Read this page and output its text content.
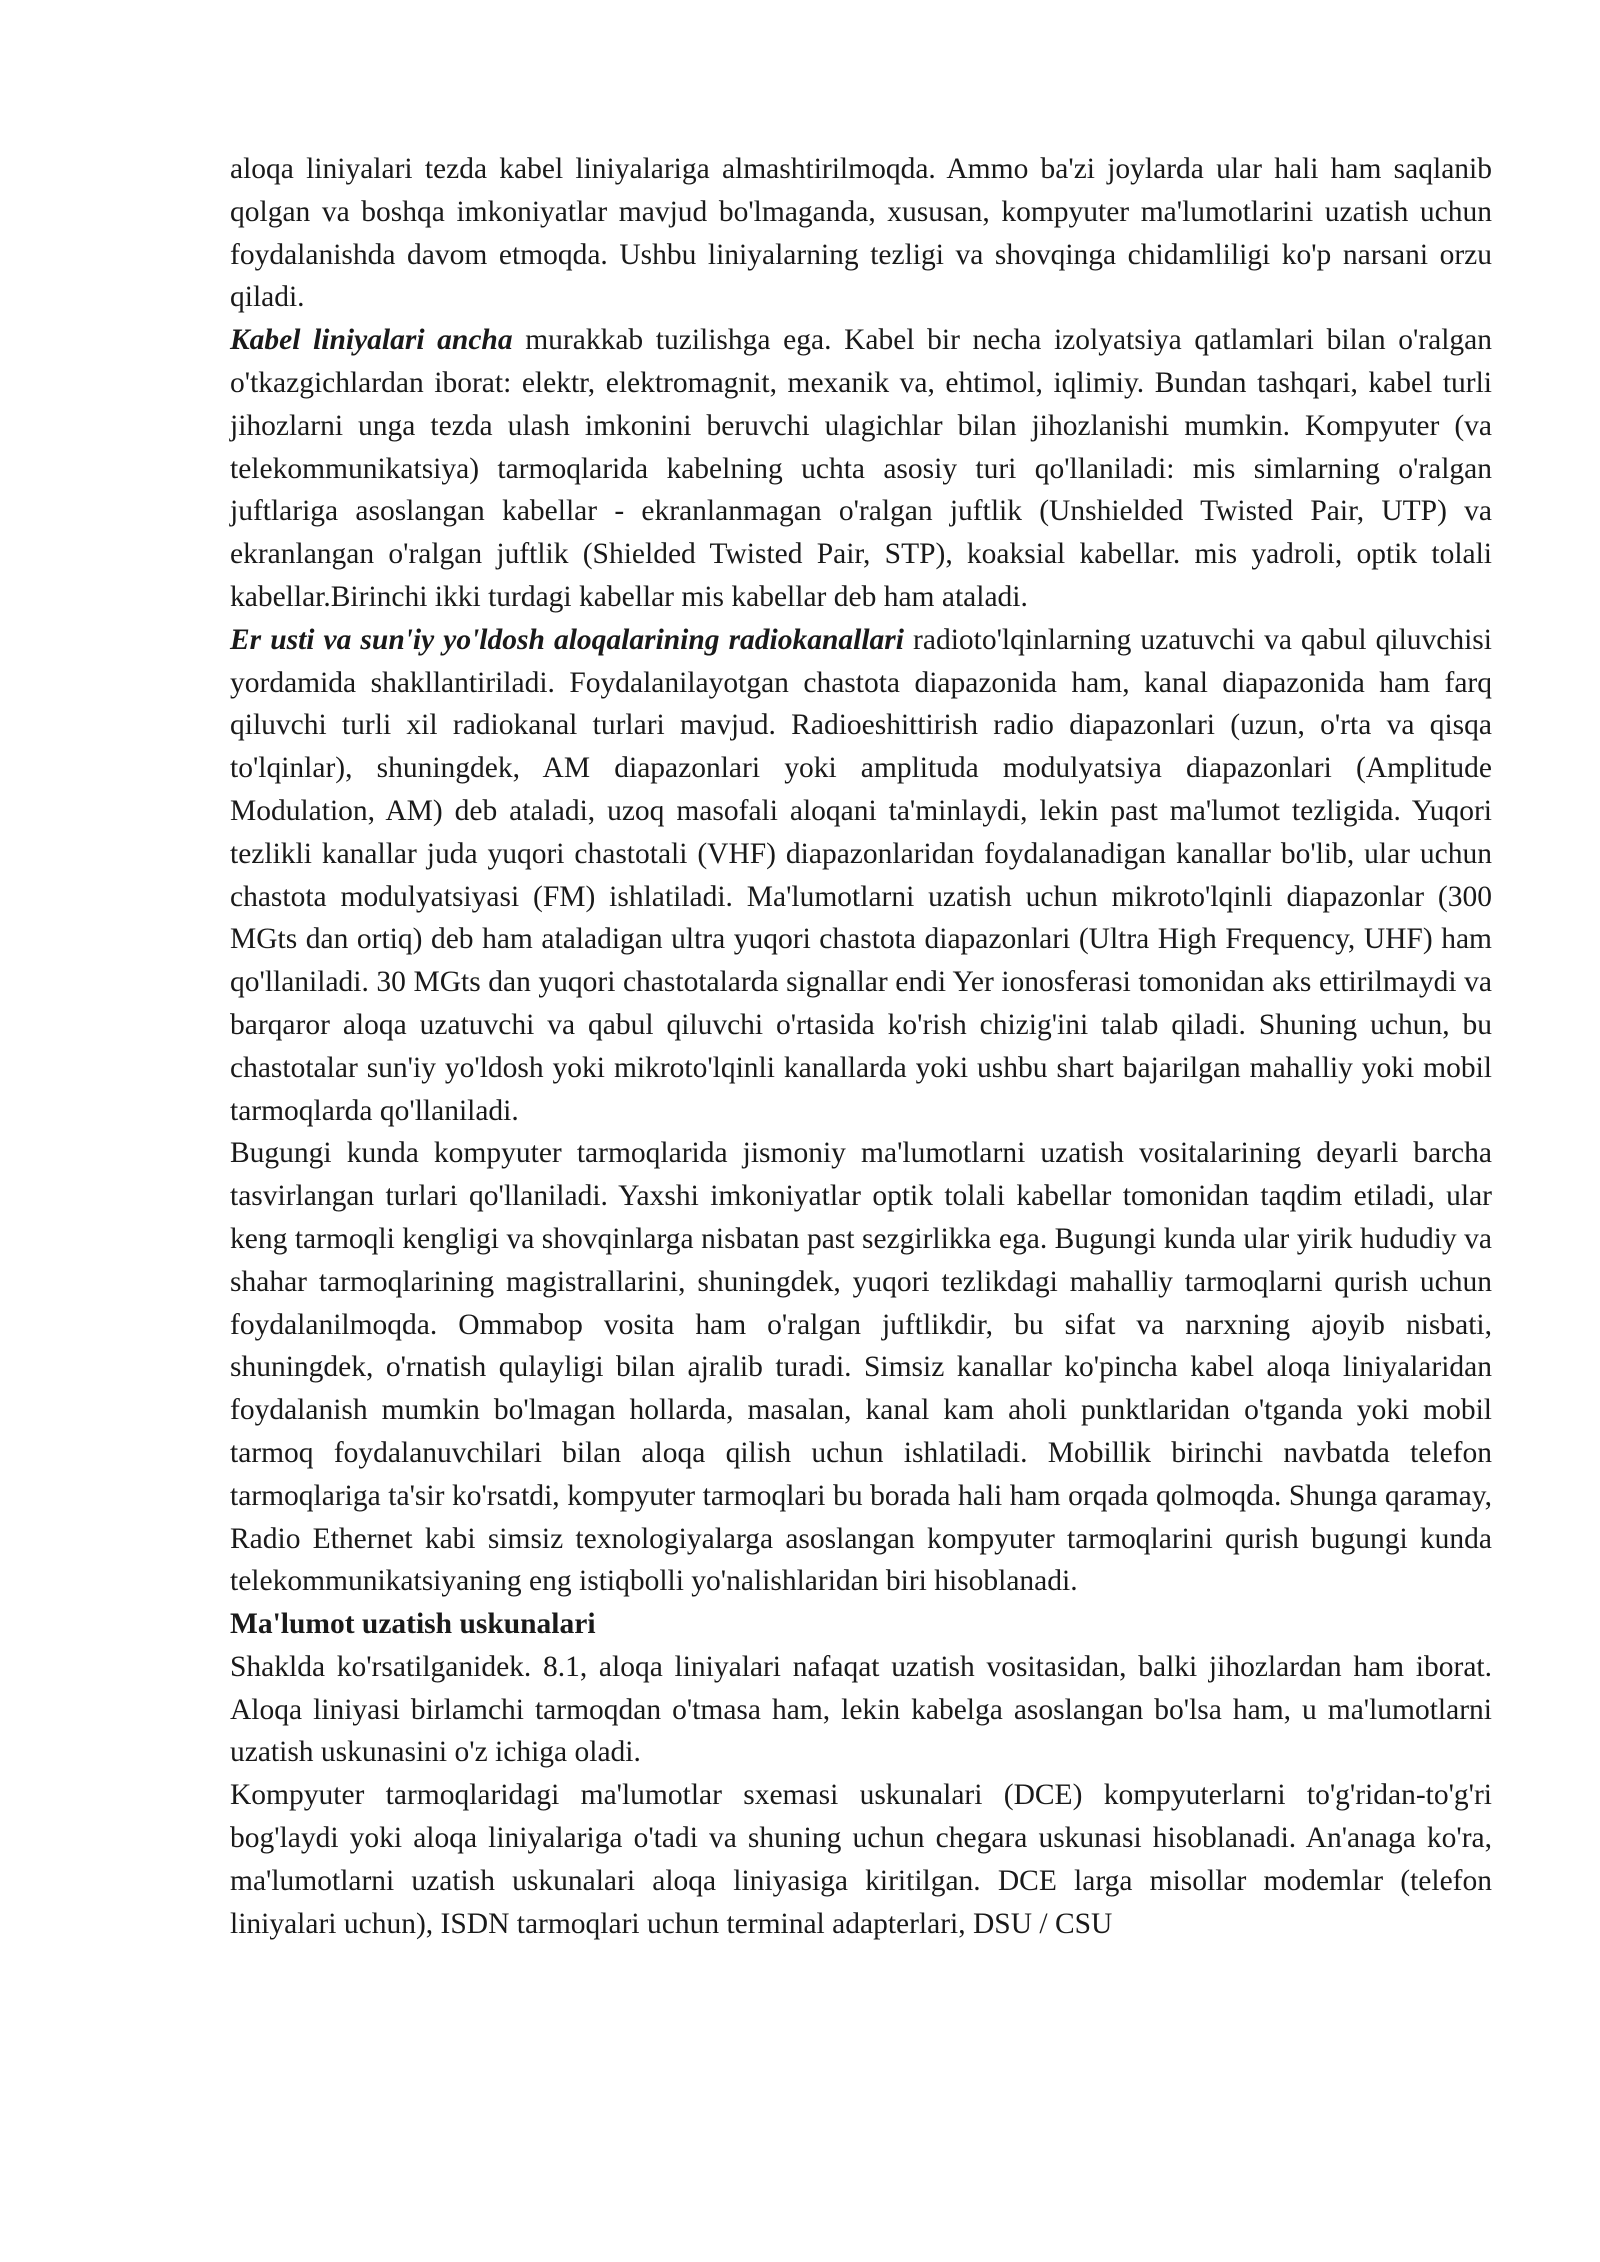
aloqa liniyalari tezda kabel liniyalariga almashtirilmoqda. Ammo ba'zi joylarda ular hali ham saqlanib qolgan va boshqa imkoniyatlar mavjud bo'lmaganda, xususan, kompyuter ma'lumotlarini uzatish uchun foydalanishda davom etmoqda. Ushbu liniyalarning tezligi va shovqinga chidamliligi ko'p narsani orzu qiladi.

Kabel liniyalari ancha murakkab tuzilishga ega. Kabel bir necha izolyatsiya qatlamlari bilan o'ralgan o'tkazgichlardan iborat: elektr, elektromagnit, mexanik va, ehtimol, iqlimiy. Bundan tashqari, kabel turli jihozlarni unga tezda ulash imkonini beruvchi ulagichlar bilan jihozlanishi mumkin. Kompyuter (va telekommunikatsiya) tarmoqlarida kabelning uchta asosiy turi qo'llaniladi: mis simlarning o'ralgan juftlariga asoslangan kabellar - ekranlanmagan o'ralgan juftlik (Unshielded Twisted Pair, UTP) va ekranlangan o'ralgan juftlik (Shielded Twisted Pair, STP), koaksial kabellar. mis yadroli, optik tolali kabellar.Birinchi ikki turdagi kabellar mis kabellar deb ham ataladi.

Er usti va sun'iy yo'ldosh aloqalarining radiokanallari radioto'lqinlarning uzatuvchi va qabul qiluvchisi yordamida shakllantiriladi. Foydalanilayotgan chastota diapazonida ham, kanal diapazonida ham farq qiluvchi turli xil radiokanal turlari mavjud. Radioeshittirish radio diapazonlari (uzun, o'rta va qisqa to'lqinlar), shuningdek, AM diapazonlari yoki amplituda modulyatsiya diapazonlari (Amplitude Modulation, AM) deb ataladi, uzoq masofali aloqani ta'minlaydi, lekin past ma'lumot tezligida. Yuqori tezlikli kanallar juda yuqori chastotali (VHF) diapazonlaridan foydalanadigan kanallar bo'lib, ular uchun chastota modulyatsiyasi (FM) ishlatiladi. Ma'lumotlarni uzatish uchun mikroto'lqinli diapazonlar (300 MGts dan ortiq) deb ham ataladigan ultra yuqori chastota diapazonlari (Ultra High Frequency, UHF) ham qo'llaniladi. 30 MGts dan yuqori chastotalarda signallar endi Yer ionosferasi tomonidan aks ettirilmaydi va barqaror aloqa uzatuvchi va qabul qiluvchi o'rtasida ko'rish chizig'ini talab qiladi. Shuning uchun, bu chastotalar sun'iy yo'ldosh yoki mikroto'lqinli kanallarda yoki ushbu shart bajarilgan mahalliy yoki mobil tarmoqlarda qo'llaniladi.

Bugungi kunda kompyuter tarmoqlarida jismoniy ma'lumotlarni uzatish vositalarining deyarli barcha tasvirlangan turlari qo'llaniladi. Yaxshi imkoniyatlar optik tolali kabellar tomonidan taqdim etiladi, ular keng tarmoqli kengligi va shovqinlarga nisbatan past sezgirlikka ega. Bugungi kunda ular yirik hududiy va shahar tarmoqlarining magistrallarini, shuningdek, yuqori tezlikdagi mahalliy tarmoqlarni qurish uchun foydalanilmoqda. Ommabop vosita ham o'ralgan juftlikdir, bu sifat va narxning ajoyib nisbati, shuningdek, o'rnatish qulayligi bilan ajralib turadi. Simsiz kanallar ko'pincha kabel aloqa liniyalaridan foydalanish mumkin bo'lmagan hollarda, masalan, kanal kam aholi punktlaridan o'tganda yoki mobil tarmoq foydalanuvchilari bilan aloqa qilish uchun ishlatiladi. Mobillik birinchi navbatda telefon tarmoqlariga ta'sir ko'rsatdi, kompyuter tarmoqlari bu borada hali ham orqada qolmoqda. Shunga qaramay, Radio Ethernet kabi simsiz texnologiyalarga asoslangan kompyuter tarmoqlarini qurish bugungi kunda telekommunikatsiyaning eng istiqbolli yo'nalishlaridan biri hisoblanadi.

Ma'lumot uzatish uskunalari

Shaklda ko'rsatilganidek. 8.1, aloqa liniyalari nafaqat uzatish vositasidan, balki jihozlardan ham iborat. Aloqa liniyasi birlamchi tarmoqdan o'tmasa ham, lekin kabelga asoslangan bo'lsa ham, u ma'lumotlarni uzatish uskunasini o'z ichiga oladi.

Kompyuter tarmoqlaridagi ma'lumotlar sxemasi uskunalari (DCE) kompyuterlarni to'g'ridan-to'g'ri bog'laydi yoki aloqa liniyalariga o'tadi va shuning uchun chegara uskunasi hisoblanadi. An'anaga ko'ra, ma'lumotlarni uzatish uskunalari aloqa liniyasiga kiritilgan. DCE larga misollar modemlar (telefon liniyalari uchun), ISDN tarmoqlari uchun terminal adapterlari, DSU / CSU
